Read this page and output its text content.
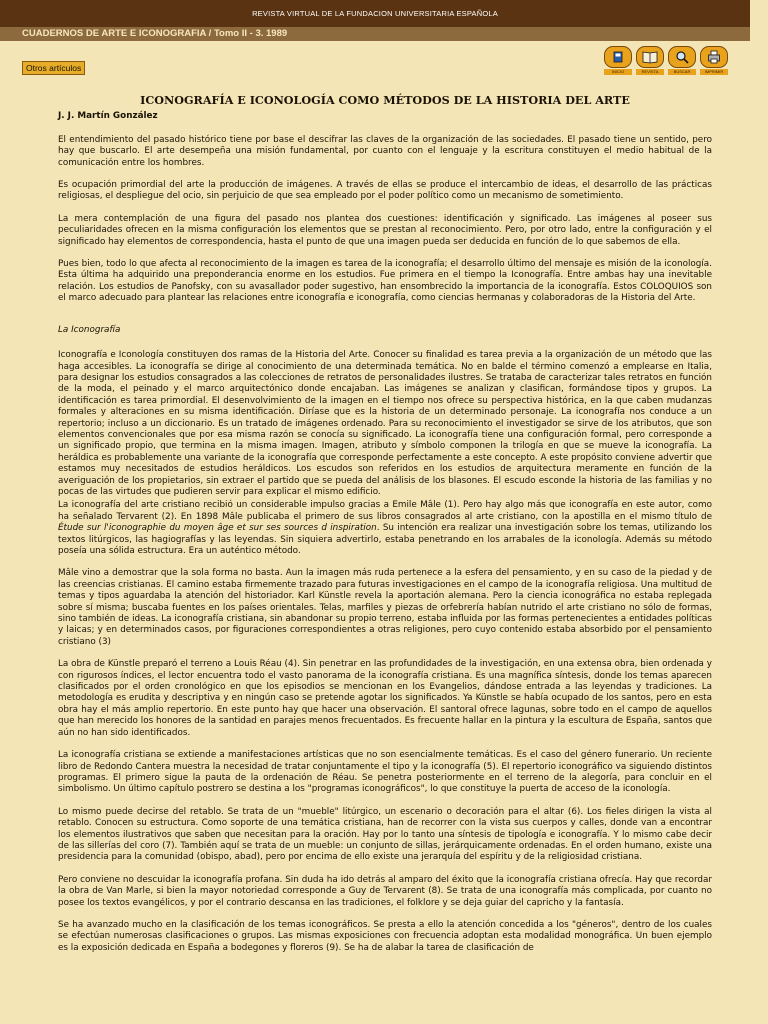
REVISTA VIRTUAL DE LA FUNDACION UNIVERSITARIA ESPAÑOLA
CUADERNOS DE ARTE E ICONOGRAFIA / Tomo II - 3. 1989
Otros artículos	INICIO	REVISTA	BUSCAR	IMPRIMIR
ICONOGRAFÍA E ICONOLOGÍA COMO MÉTODOS DE LA HISTORIA DEL ARTE
J. J. Martín González

El entendimiento del pasado histórico tiene por base el descifrar las claves de la organización de las sociedades. El pasado tiene un sentido, pero hay que buscarlo. El arte desempeña una misión fundamental, por cuanto con el lenguaje y la escritura constituyen el medio habitual de la comunicación entre los hombres.

Es ocupación primordial del arte la producción de imágenes. A través de ellas se produce el intercambio de ideas, el desarrollo de las prácticas religiosas, el despliegue del ocio, sin perjuicio de que sea empleado por el poder político como un mecanismo de sometimiento.

La mera contemplación de una figura del pasado nos plantea dos cuestiones: identificación y significado. Las imágenes al poseer sus peculiaridades ofrecen en la misma configuración los elementos que se prestan al reconocimiento. Pero, por otro lado, entre la configuración y el significado hay elementos de correspondencia, hasta el punto de que una imagen pueda ser deducida en función de lo que sabemos de ella.

Pues bien, todo lo que afecta al reconocimiento de la imagen es tarea de la iconografía; el desarrollo último del mensaje es misión de la iconología. Esta última ha adquirido una preponderancia enorme en los estudios. Fue primera en el tiempo la Iconografía. Entre ambas hay una inevitable relación. Los estudios de Panofsky, con su avasallador poder sugestivo, han ensombrecido la importancia de la iconografía. Estos COLOQUIOS son el marco adecuado para plantear las relaciones entre iconografía e iconografía, como ciencias hermanas y colaboradoras de la Historia del Arte.

La Iconografía

Iconografía e Iconología constituyen dos ramas de la Historia del Arte. Conocer su finalidad es tarea previa a la organización de un método que las haga accesibles. La iconografía se dirige al conocimiento de una determinada temática. No en balde el término comenzó a emplearse en Italia, para designar los estudios consagrados a las colecciones de retratos de personalidades ilustres. Se trataba de caracterizar tales retratos en función de la moda, el peinado y el marco arquitectónico donde encajaban. Las imágenes se analizan y clasifican, formándose tipos y grupos. La identificación es tarea primordial. El desenvolvimiento de la imagen en el tiempo nos ofrece su perspectiva histórica, en la que caben mudanzas formales y alteraciones en su misma identificación. Diríase que es la historia de un determinado personaje. La iconografía nos conduce a un repertorio; incluso a un diccionario. Es un tratado de imágenes ordenado. Para su reconocimiento el investigador se sirve de los atributos, que son elementos convencionales que por esa misma razón se conocía su significado. La iconografía tiene una configuración formal, pero corresponde a un significado propio, que termina en la misma imagen. Imagen, atributo y símbolo componen la trilogía en que se mueve la iconografía. La heráldica es probablemente una variante de la iconografía que corresponde perfectamente a este concepto. A este propósito conviene advertir que estamos muy necesitados de estudios heráldicos. Los escudos son referidos en los estudios de arquitectura meramente en función de la averiguación de los propietarios, sin extraer el partido que se pueda del análisis de los blasones. El escudo esconde la historia de las familias y no pocas de las virtudes que pudieren servir para explicar el mismo edificio.

La iconografía del arte cristiano recibió un considerable impulso gracias a Emile Mâle (1). Pero hay algo más que iconografía en este autor, como ha señalado Tervarent (2). En 1898 Mâle publicaba el primero de sus libros consagrados al arte cristiano, con la apostilla en el mismo título de Étude sur l'iconographie du moyen âge et sur ses sources d inspiration. Su intención era realizar una investigación sobre los temas, utilizando los textos litúrgicos, las hagiografías y las leyendas. Sin siquiera advertirlo, estaba penetrando en los arrabales de la iconología. Además su método poseía una sólida estructura. Era un auténtico método.

Mâle vino a demostrar que la sola forma no basta. Aun la imagen más ruda pertenece a la esfera del pensamiento, y en su caso de la piedad y de las creencias cristianas. El camino estaba firmemente trazado para futuras investigaciones en el campo de la iconografía religiosa. Una multitud de temas y tipos aguardaba la atención del historiador. Karl Künstle revela la aportación alemana. Pero la ciencia iconográfica no estaba replegada sobre sí misma; buscaba fuentes en los países orientales. Telas, marfiles y piezas de orfebrería habían nutrido el arte cristiano no sólo de formas, sino también de ideas. La iconografía cristiana, sin abandonar su propio terreno, estaba influida por las formas pertenecientes a entidades políticas y laicas; y en determinados casos, por figuraciones correspondientes a otras religiones, pero cuyo contenido estaba absorbido por el pensamiento cristiano (3)

La obra de Künstle preparó el terreno a Louis Réau (4). Sin penetrar en las profundidades de la investigación, en una extensa obra, bien ordenada y con rigurosos índices, el lector encuentra todo el vasto panorama de la iconografía cristiana. Es una magnífica síntesis, donde los temas aparecen clasificados por el orden cronológico en que los episodios se mencionan en los Evangelios, dándose entrada a las leyendas y tradiciones. La metodología es erudita y descriptiva y en ningún caso se pretende agotar los significados. Ya Künstle se había ocupado de los santos, pero en esta obra hay el más amplio repertorio. En este punto hay que hacer una observación. El santoral ofrece lagunas, sobre todo en el campo de aquellos que han merecido los honores de la santidad en parajes menos frecuentados. Es frecuente hallar en la pintura y la escultura de España, santos que aún no han sido identificados.

La iconografía cristiana se extiende a manifestaciones artísticas que no son esencialmente temáticas. Es el caso del género funerario. Un reciente libro de Redondo Cantera muestra la necesidad de tratar conjuntamente el tipo y la iconografía (5). El repertorio iconográfico va siguiendo distintos programas. El primero sigue la pauta de la ordenación de Réau. Se penetra posteriormente en el terreno de la alegoría, para concluir en el simbolismo. Un último capítulo postrero se destina a los "programas iconográficos", lo que constituye la puerta de acceso de la iconología.

Lo mismo puede decirse del retablo. Se trata de un "mueble" litúrgico, un escenario o decoración para el altar (6). Los fieles dirigen la vista al retablo. Conocen su estructura. Como soporte de una temática cristiana, han de recorrer con la vista sus cuerpos y calles, donde van a encontrar los elementos ilustrativos que saben que necesitan para la oración. Hay por lo tanto una síntesis de tipología e iconografía. Y lo mismo cabe decir de las sillerías del coro (7). También aquí se trata de un mueble: un conjunto de sillas, jerárquicamente ordenadas. En el orden humano, existe una presidencia para la comunidad (obispo, abad), pero por encima de ello existe una jerarquía del espíritu y de la religiosidad cristiana.

Pero conviene no descuidar la iconografía profana. Sin duda ha ido detrás al amparo del éxito que la iconografía cristiana ofrecía. Hay que recordar la obra de Van Marle, si bien la mayor notoriedad corresponde a Guy de Tervarent (8). Se trata de una iconografía más complicada, por cuanto no posee los textos evangélicos, y por el contrario descansa en las tradiciones, el folklore y se deja guiar del capricho y la fantasía.

Se ha avanzado mucho en la clasificación de los temas iconográficos. Se presta a ello la atención concedida a los "géneros", dentro de los cuales se efectúan numerosas clasificaciones o grupos. Las mismas exposiciones con frecuencia adoptan esta modalidad monográfica. Un buen ejemplo es la exposición dedicada en España a bodegones y floreros (9). Se ha de alabar la tarea de clasificación de
